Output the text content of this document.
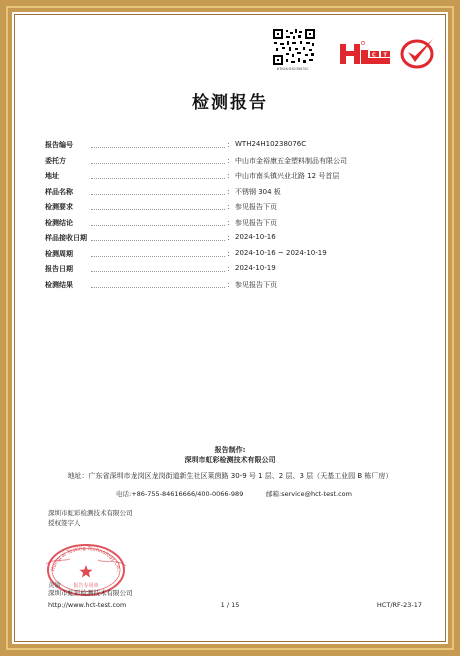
WTH24H10238076C
C T
检测报告
报告编号	： WTH24H10238076C
委托方	： 中山市金裕康五金塑料制品有限公司
地址	： 中山市南头镇兴业北路 12 号首层
样品名称	： 不锈钢 304 板
检测要求	： 参见报告下页
检测结论	： 参见报告下页
样品接收日期	： 2024-10-16
检测周期	： 2024-10-16 ~ 2024-10-19
报告日期	： 2024-10-19
检测结果	： 参见报告下页
报告制作:
深圳市虹彩检测技术有限公司
地址：广东省深圳市龙岗区龙岗街道新生社区莱茵路 30-9 号 1 层、2 层、3 层（天基工业园 B 栋厂房）
电话:+86-755-84616666/400-0066-989	邮箱:service@hct-test.com
深圳市虹彩检测技术有限公司
授权签字人
Hongcai Testing Technology Co.,
报告专用章
黄敏
深圳市虹彩检测技术有限公司
http://www.hct-test.com	1 / 15	HCT/RF-23-17
